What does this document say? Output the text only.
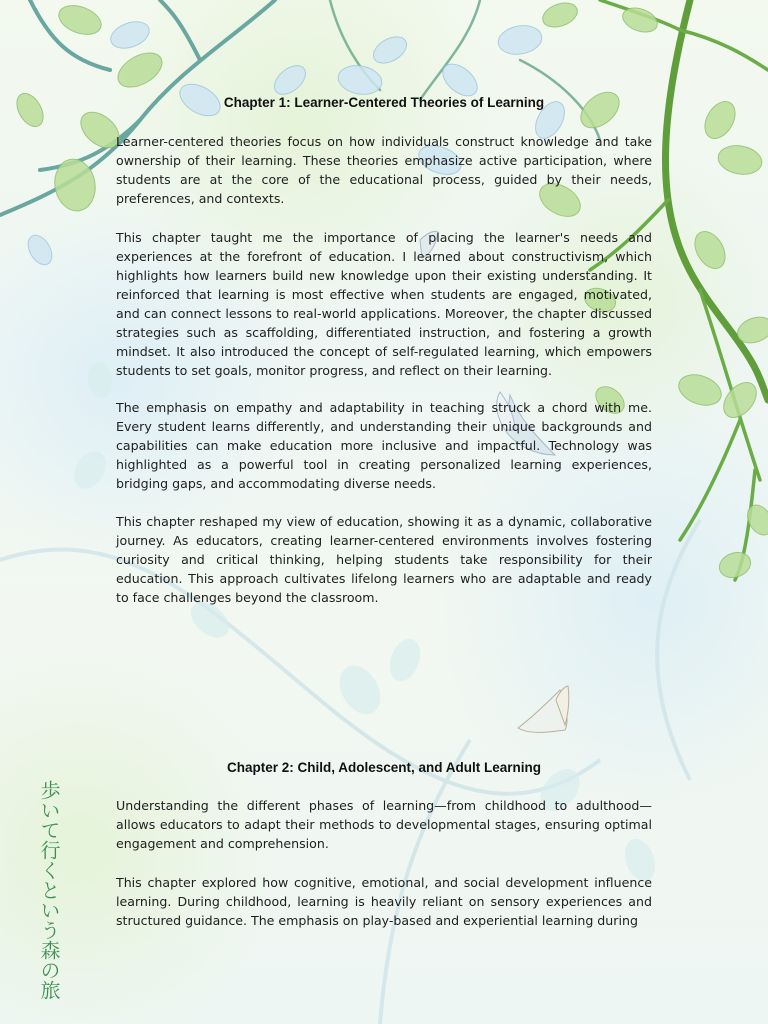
Chapter 1: Learner-Centered Theories of Learning

Learner-centered theories focus on how individuals construct knowledge and take ownership of their learning. These theories emphasize active participation, where students are at the core of the educational process, guided by their needs, preferences, and contexts.

This chapter taught me the importance of placing the learner's needs and experiences at the forefront of education. I learned about constructivism, which highlights how learners build new knowledge upon their existing understanding. It reinforced that learning is most effective when students are engaged, motivated, and can connect lessons to real-world applications. Moreover, the chapter discussed strategies such as scaffolding, differentiated instruction, and fostering a growth mindset. It also introduced the concept of self-regulated learning, which empowers students to set goals, monitor progress, and reflect on their learning.

The emphasis on empathy and adaptability in teaching struck a chord with me. Every student learns differently, and understanding their unique backgrounds and capabilities can make education more inclusive and impactful. Technology was highlighted as a powerful tool in creating personalized learning experiences, bridging gaps, and accommodating diverse needs.

This chapter reshaped my view of education, showing it as a dynamic, collaborative journey. As educators, creating learner-centered environments involves fostering curiosity and critical thinking, helping students take responsibility for their education. This approach cultivates lifelong learners who are adaptable and ready to face challenges beyond the classroom.

Chapter 2: Child, Adolescent, and Adult Learning

Understanding the different phases of learning—from childhood to adulthood—allows educators to adapt their methods to developmental stages, ensuring optimal engagement and comprehension.

This chapter explored how cognitive, emotional, and social development influence learning. During childhood, learning is heavily reliant on sensory experiences and structured guidance. The emphasis on play-based and experiential learning during

歩いて行くという森の旅
